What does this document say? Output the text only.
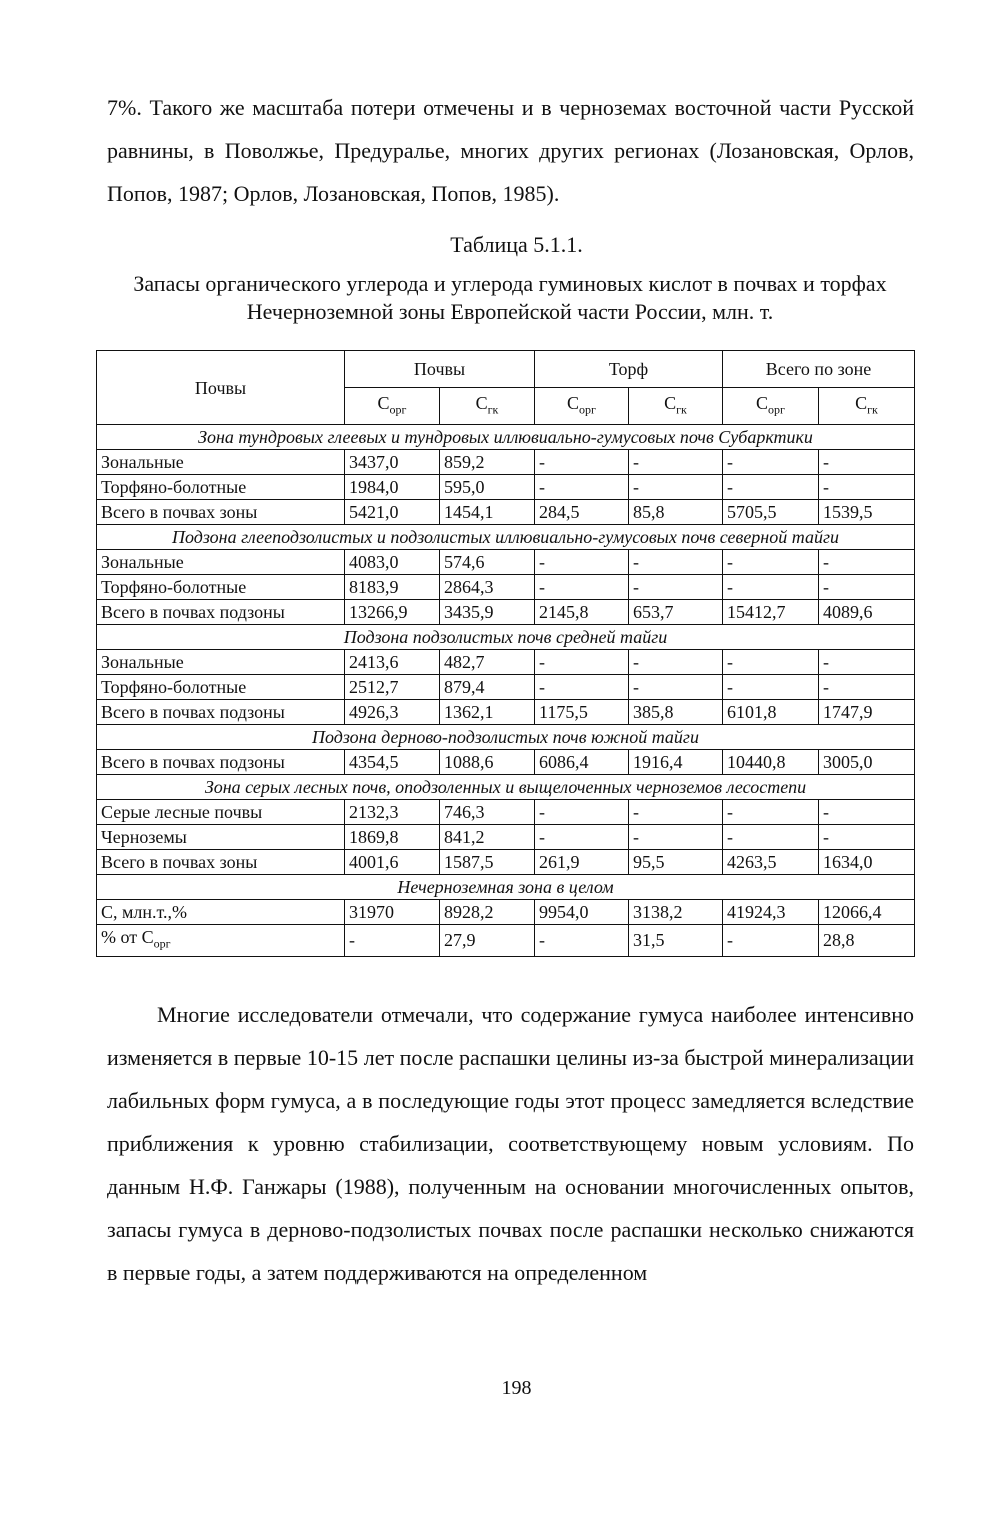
7%. Такого же масштаба потери отмечены и в черноземах восточной части Русской равнины, в Поволжье, Предуралье, многих других регионах (Лозановская, Орлов, Попов, 1987; Орлов, Лозановская, Попов, 1985).
Таблица 5.1.1.
Запасы органического углерода и углерода гуминовых кислот в почвах и торфах Нечерноземной зоны Европейской части России, млн. т.
Почвы	Почвы		Торф		Всего по зоне	
	$С_{орг}$	$С_{гк}$	$С_{орг}$	$С_{гк}$	$С_{орг}$	$С_{гк}$
Зона тундровых глеевых и тундровых иллювиально-гумусовых почв Субарктики						
Зональные	3437,0	859,2	-	-	-	-
Торфяно-болотные	1984,0	595,0	-	-	-	-
Всего в почвах зоны	5421,0	1454,1	284,5	85,8	5705,5	1539,5
Подзона глееподзолистых и подзолистых иллювиально-гумусовых почв северной тайги						
Зональные	4083,0	574,6	-	-	-	-
Торфяно-болотные	8183,9	2864,3	-	-	-	-
Всего в почвах подзоны	13266,9	3435,9	2145,8	653,7	15412,7	4089,6
Подзона подзолистых почв средней тайги						
Зональные	2413,6	482,7	-	-	-	-
Торфяно-болотные	2512,7	879,4	-	-	-	-
Всего в почвах подзоны	4926,3	1362,1	1175,5	385,8	6101,8	1747,9
Подзона дерново-подзолистых почв южной тайги						
Всего в почвах подзоны	4354,5	1088,6	6086,4	1916,4	10440,8	3005,0
Зона серых лесных почв, оподзоленных и выщелоченных черноземов лесостепи						
Серые лесные почвы	2132,3	746,3	-	-	-	-
Черноземы	1869,8	841,2	-	-	-	-
Всего в почвах зоны	4001,6	1587,5	261,9	95,5	4263,5	1634,0
Нечерноземная зона в целом						
С, млн.т.,%	31970	8928,2	9954,0	3138,2	41924,3	12066,4
% от $С_{орг}$	-	27,9	-	31,5	-	28,8
Многие исследователи отмечали, что содержание гумуса наиболее интенсивно изменяется в первые 10-15 лет после распашки целины из-за быстрой минерализации лабильных форм гумуса, а в последующие годы этот процесс замедляется вследствие приближения к уровню стабилизации, соответствующему новым условиям. По данным Н.Ф. Ганжары (1988), полученным на основании многочисленных опытов, запасы гумуса в дерново-подзолистых почвах после распашки несколько снижаются в первые годы, а затем поддерживаются на определенном
198
